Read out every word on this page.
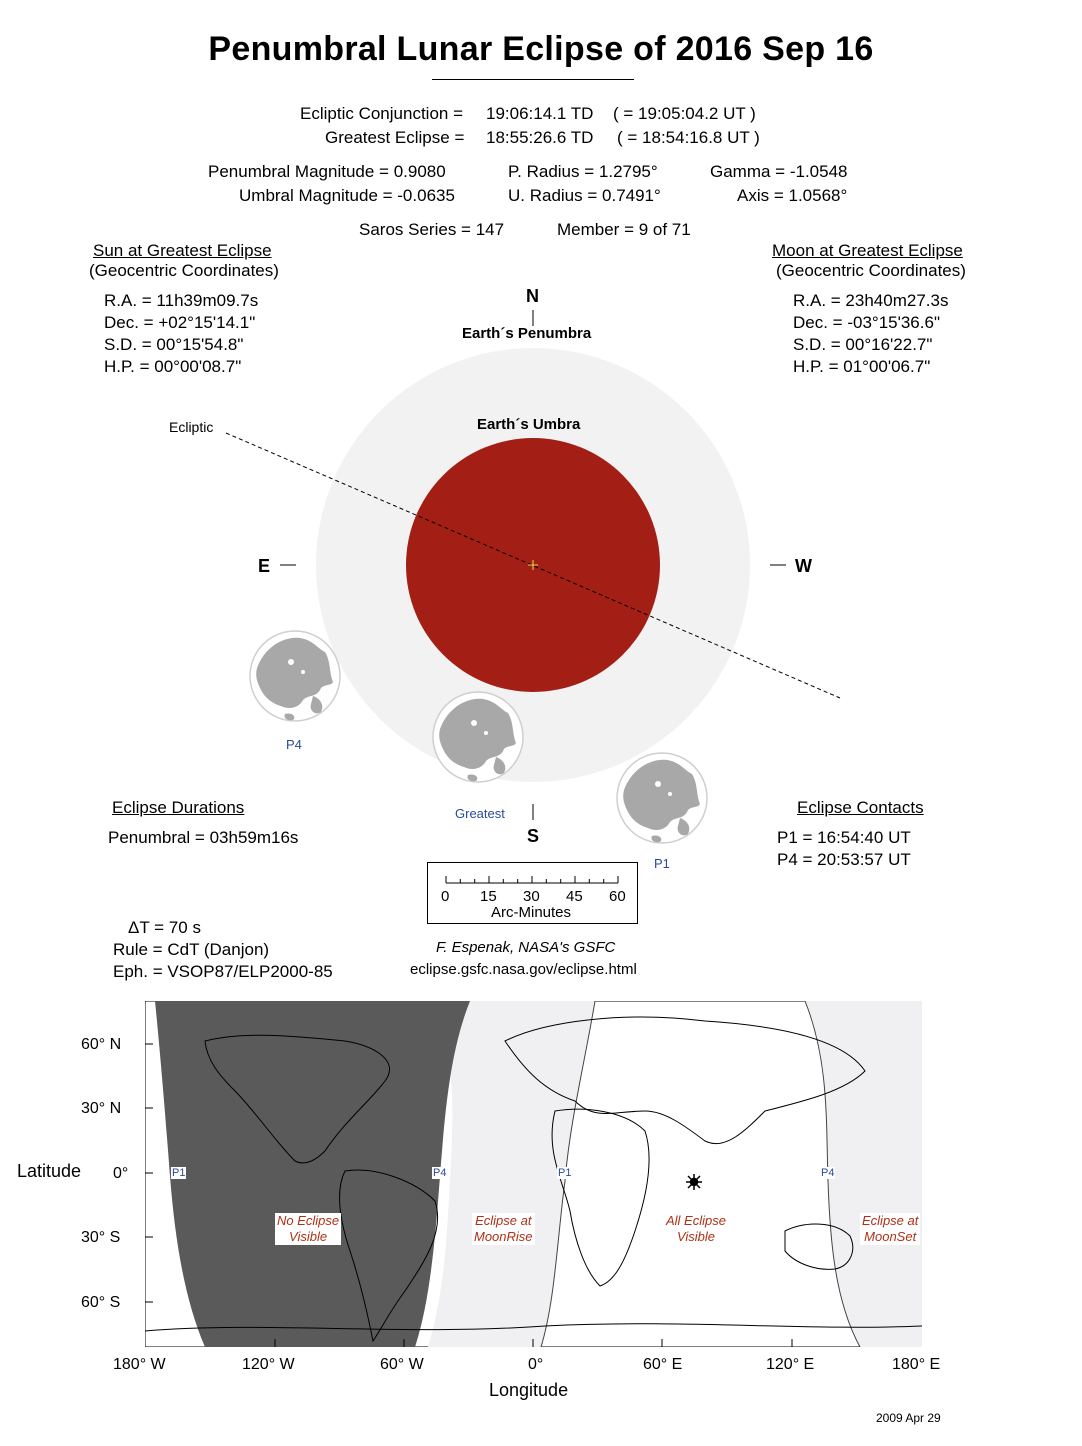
Penumbral Lunar Eclipse of 2016 Sep 16
Ecliptic Conjunction = 19:06:14.1 TD ( = 19:05:04.2 UT )
Greatest Eclipse = 18:55:26.6 TD ( = 18:54:16.8 UT )
Penumbral Magnitude = 0.9080
Umbral Magnitude = -0.0635
P. Radius = 1.2795°
U. Radius = 0.7491°
Gamma = -1.0548
Axis = 1.0568°
Saros Series = 147	Member = 9 of 71
Sun at Greatest Eclipse
(Geocentric Coordinates)
R.A. = 11h39m09.7s
Dec. = +02°15'14.1"
S.D. = 00°15'54.8"
H.P. = 00°00'08.7"
Moon at Greatest Eclipse
(Geocentric Coordinates)
R.A. = 23h40m27.3s
Dec. = -03°15'36.6"
S.D. = 00°16'22.7"
H.P. = 01°00'06.7"
N
S
E	W
Earth´s Penumbra
Earth´s Umbra
Ecliptic
P4
Greatest
P1
Eclipse Durations
Penumbral = 03h59m16s
Eclipse Contacts
P1 = 16:54:40 UT
P4 = 20:53:57 UT
0 15 30 45 60
Arc-Minutes
ΔT = 70 s
Rule = CdT (Danjon)
Eph. = VSOP87/ELP2000-85
F. Espenak, NASA's GSFC
eclipse.gsfc.nasa.gov/eclipse.html
P1	P4	P1	P4
No Eclipse
Visible
Eclipse at
MoonRise
All Eclipse
Visible
Eclipse at
MoonSet
Latitude
Longitude
60° N
30° N
0°
30° S
60° S
180° W	120° W	60° W	0°	60° E	120° E	180° E
2009 Apr 29
